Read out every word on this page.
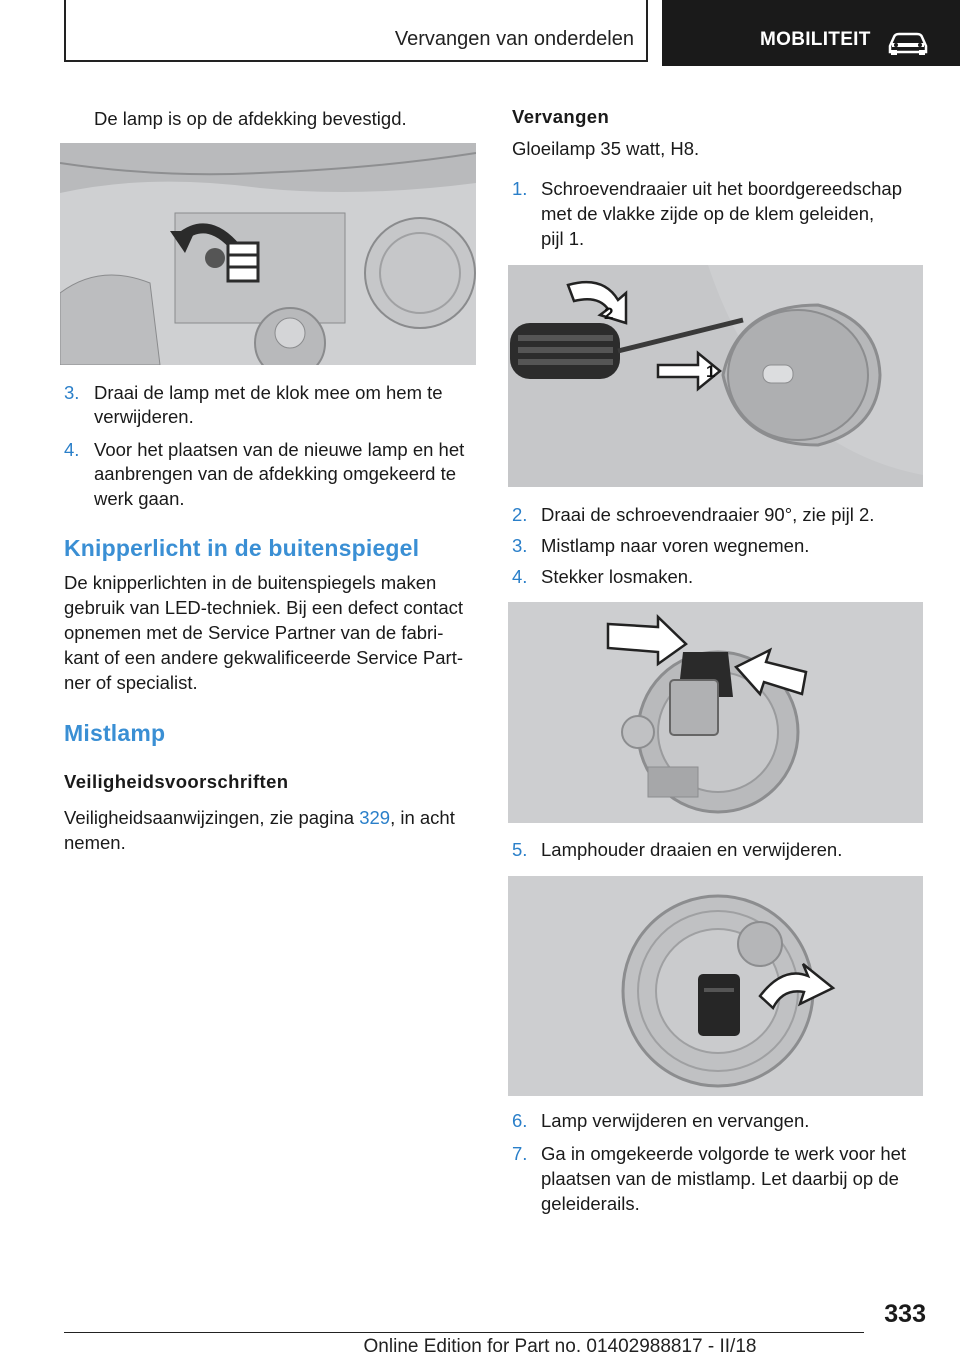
Vervangen van onderdelen	MOBILITEIT

De lamp is op de afdekking bevestigd.

3. Draai de lamp met de klok mee om hem te

verwijderen.

4. Voor het plaatsen van de nieuwe lamp en het

aanbrengen van de afdekking omgekeerd te

werk gaan.

Knipperlicht in de buitenspiegel

De knipperlichten in de buitenspiegels maken

gebruik van LED-techniek. Bij een defect contact

opnemen met de Service Partner van de fabri-

kant of een andere gekwalificeerde Service Part-

ner of specialist.

Mistlamp
Veiligheidsvoorschriften

Veiligheidsaanwijzingen, zie pagina 329, in acht

nemen.

Vervangen

Gloeilamp 35 watt, H8.

1. Schroevendraaier uit het boordgereedschap

met de vlakke zijde op de klem geleiden,

pijl 1.

1
2
2. Draai de schroevendraaier 90°, zie pijl 2.

3. Mistlamp naar voren wegnemen.

4. Stekker losmaken.

5. Lamphouder draaien en verwijderen.

6. Lamp verwijderen en vervangen.

7. Ga in omgekeerde volgorde te werk voor het

plaatsen van de mistlamp. Let daarbij op de

geleiderails.

333
Online Edition for Part no. 01402988817 - II/18
